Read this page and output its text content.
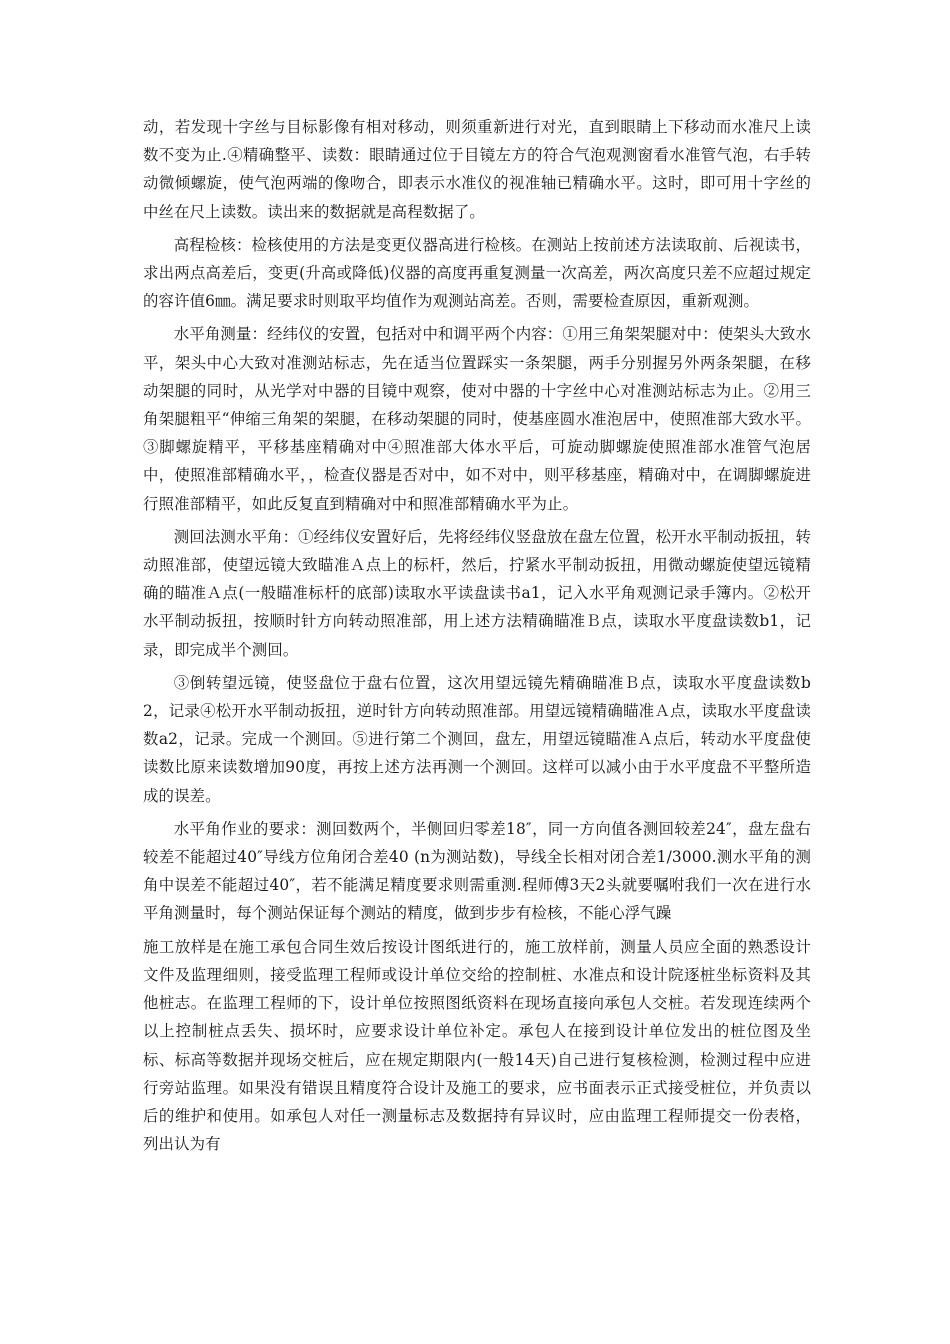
动，若发现十字丝与目标影像有相对移动，则须重新进行对光，直到眼睛上下移动而水准尺上读数不变为止.④精确整平、读数：眼睛通过位于目镜左方的符合气泡观测窗看水准管气泡，右手转动微倾螺旋，使气泡两端的像吻合，即表示水准仪的视准轴已精确水平。这时，即可用十字丝的中丝在尺上读数。读出来的数据就是高程数据了。

高程检核：检核使用的方法是变更仪器高进行检核。在测站上按前述方法读取前、后视读书，求出两点高差后，变更(升高或降低)仪器的高度再重复测量一次高差，两次高度只差不应超过规定的容许值6㎜。满足要求时则取平均值作为观测站高差。否则，需要检查原因，重新观测。

水平角测量：经纬仪的安置，包括对中和调平两个内容：①用三角架架腿对中：使架头大致水平，架头中心大致对准测站标志，先在适当位置踩实一条架腿，两手分别握另外两条架腿，在移动架腿的同时，从光学对中器的目镜中观察，使对中器的十字丝中心对准测站标志为止。②用三角架腿粗平“伸缩三角架的架腿，在移动架腿的同时，使基座圆水准泡居中，使照准部大致水平。③脚螺旋精平，平移基座精确对中④照准部大体水平后，可旋动脚螺旋使照准部水准管气泡居中，使照准部精确水平，，检查仪器是否对中，如不对中，则平移基座，精确对中，在调脚螺旋进行照准部精平，如此反复直到精确对中和照准部精确水平为止。

测回法测水平角：①经纬仪安置好后，先将经纬仪竖盘放在盘左位置，松开水平制动扳扭，转动照准部，使望远镜大致瞄准Ａ点上的标杆，然后，拧紧水平制动扳扭，用微动螺旋使望远镜精确的瞄准Ａ点(一般瞄准标杆的底部)读取水平读盘读书a1，记入水平角观测记录手簿内。②松开水平制动扳扭，按顺时针方向转动照准部，用上述方法精确瞄准Ｂ点，读取水平度盘读数b1，记录，即完成半个测回。

③倒转望远镜，使竖盘位于盘右位置，这次用望远镜先精确瞄准Ｂ点，读取水平度盘读数b2，记录④松开水平制动扳扭，逆时针方向转动照准部。用望远镜精确瞄准Ａ点，读取水平度盘读数a2，记录。完成一个测回。⑤进行第二个测回，盘左，用望远镜瞄准Ａ点后，转动水平度盘使读数比原来读数增加90度，再按上述方法再测一个测回。这样可以减小由于水平度盘不平整所造成的误差。

水平角作业的要求：测回数两个，半侧回归零差18″，同一方向值各测回较差24″，盘左盘右较差不能超过40″导线方位角闭合差40 (n为测站数)，导线全长相对闭合差1/3000.测水平角的测角中误差不能超过40″，若不能满足精度要求则需重测.程师傅3天2头就要嘱咐我们一次在进行水平角测量时，每个测站保证每个测站的精度，做到步步有检核，不能心浮气躁

施工放样是在施工承包合同生效后按设计图纸进行的，施工放样前，测量人员应全面的熟悉设计文件及监理细则，接受监理工程师或设计单位交给的控制桩、水准点和设计院逐桩坐标资料及其他桩志。在监理工程师的下，设计单位按照图纸资料在现场直接向承包人交桩。若发现连续两个以上控制桩点丢失、损坏时，应要求设计单位补定。承包人在接到设计单位发出的桩位图及坐标、标高等数据并现场交桩后，应在规定期限内(一般14天)自己进行复核检测，检测过程中应进行旁站监理。如果没有错误且精度符合设计及施工的要求，应书面表示正式接受桩位，并负责以后的维护和使用。如承包人对任一测量标志及数据持有异议时，应由监理工程师提交一份表格，列出认为有
